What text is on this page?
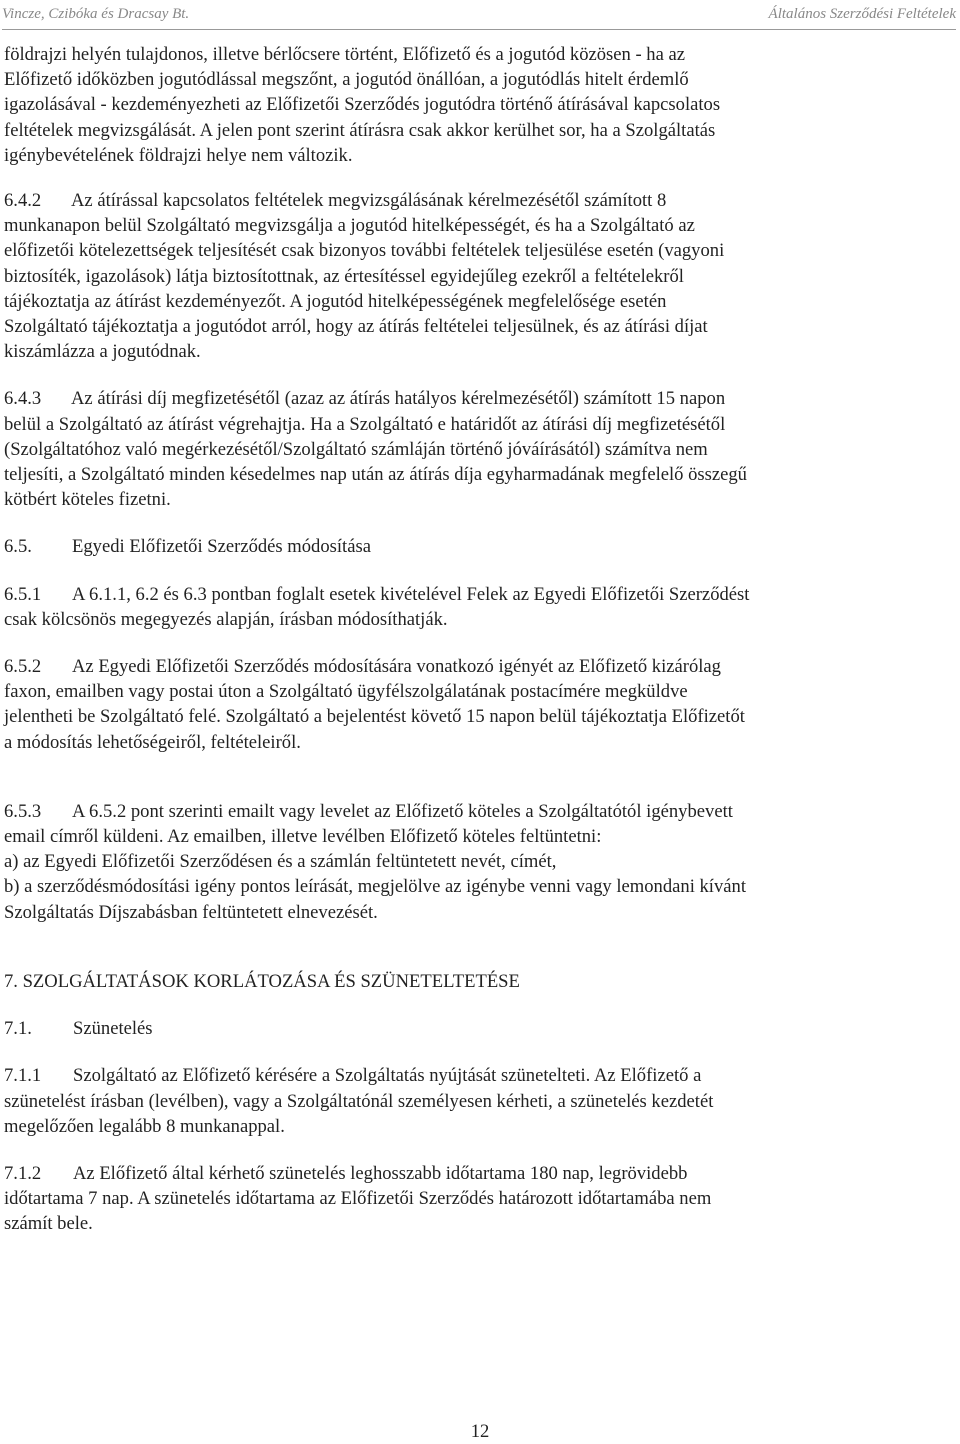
Vincze, Czibóka és Dracsay Bt.	Általános Szerződési Feltételek

földrajzi helyén tulajdonos, illetve bérlőcsere történt, Előfizető és a jogutód közösen - ha az

Előfizető időközben jogutódlással megszőnt, a jogutód önállóan, a jogutódlás hitelt érdemlő

igazolásával - kezdeményezheti az Előfizetői Szerződés jogutódra történő átírásával kapcsolatos

feltételek megvizsgálását. A jelen pont szerint átírásra csak akkor kerülhet sor, ha a Szolgáltatás

igénybevételének földrajzi helye nem változik.

6.4.2 Az átírással kapcsolatos feltételek megvizsgálásának kérelmezésétől számított 8

munkanapon belül Szolgáltató megvizsgálja a jogutód hitelképességét, és ha a Szolgáltató az

előfizetői kötelezettségek teljesítését csak bizonyos további feltételek teljesülése esetén (vagyoni

biztosíték, igazolások) látja biztosítottnak, az értesítéssel egyidejűleg ezekről a feltételekről

tájékoztatja az átírást kezdeményezőt. A jogutód hitelképességének megfelelősége esetén

Szolgáltató tájékoztatja a jogutódot arról, hogy az átírás feltételei teljesülnek, és az átírási díjat

kiszámlázza a jogutódnak.

6.4.3 Az átírási díj megfizetésétől (azaz az átírás hatályos kérelmezésétől) számított 15 napon

belül a Szolgáltató az átírást végrehajtja. Ha a Szolgáltató e határidőt az átírási díj megfizetésétől

(Szolgáltatóhoz való megérkezésétől/Szolgáltató számláján történő jóváírásától) számítva nem

teljesíti, a Szolgáltató minden késedelmes nap után az átírás díja egyharmadának megfelelő összegű

kötbért köteles fizetni.

6.5. Egyedi Előfizetői Szerződés módosítása

6.5.1 A 6.1.1, 6.2 és 6.3 pontban foglalt esetek kivételével Felek az Egyedi Előfizetői Szerződést

csak kölcsönös megegyezés alapján, írásban módosíthatják.

6.5.2 Az Egyedi Előfizetői Szerződés módosítására vonatkozó igényét az Előfizető kizárólag

faxon, emailben vagy postai úton a Szolgáltató ügyfélszolgálatának postacímére megküldve

jelentheti be Szolgáltató felé. Szolgáltató a bejelentést követő 15 napon belül tájékoztatja Előfizetőt

a módosítás lehetőségeiről, feltételeiről.

6.5.3 A 6.5.2 pont szerinti emailt vagy levelet az Előfizető köteles a Szolgáltatótól igénybevett

email címről küldeni. Az emailben, illetve levélben Előfizető köteles feltüntetni:

a) az Egyedi Előfizetői Szerződésen és a számlán feltüntetett nevét, címét,

b) a szerződésmódosítási igény pontos leírását, megjelölve az igénybe venni vagy lemondani kívánt

Szolgáltatás Díjszabásban feltüntetett elnevezését.

7. SZOLGÁLTATÁSOK KORLÁTOZÁSA ÉS SZÜNETELTETÉSE

7.1. Szünetelés

7.1.1 Szolgáltató az Előfizető kérésére a Szolgáltatás nyújtását szünetelteti. Az Előfizető a

szünetelést írásban (levélben), vagy a Szolgáltatónál személyesen kérheti, a szünetelés kezdetét

megelőzően legalább 8 munkanappal.

7.1.2 Az Előfizető által kérhető szünetelés leghosszabb időtartama 180 nap, legrövidebb

időtartama 7 nap. A szünetelés időtartama az Előfizetői Szerződés határozott időtartamába nem

számít bele.

12
